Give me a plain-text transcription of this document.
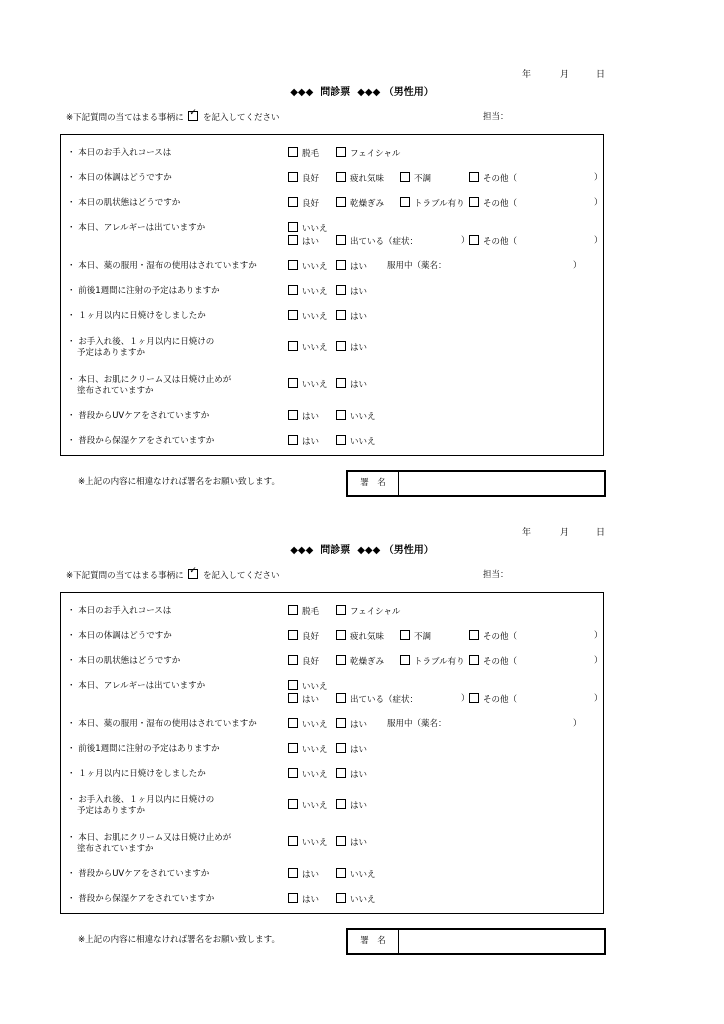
年	月	日
◆◆◆ 問診票 ◆◆◆ （男性用）
※下記質問の当てはまる事柄に ✓ を記入してください	担当：
・ 本日のお手入れコースは	脱毛	フェイシャル
・ 本日の体調はどうですか	良好	疲れ気味	不調	その他（	）
・ 本日の肌状態はどうですか	良好	乾燥ぎみ	トラブル有り	その他（	）
・ 本日、アレルギーは出ていますか	いいえ
はい	出ている（症状：	）	その他（	）
・ 本日、薬の服用・湿布の使用はされていますか	いいえ	はい 服用中（薬名：	）
・ 前後1週間に注射の予定はありますか	いいえ	はい
・ １ヶ月以内に日焼けをしましたか	いいえ	はい
・ お手入れ後、１ヶ月以内に日焼けの
予定はありますか	いいえ	はい
・ 本日、お肌にクリーム又は日焼け止めが
塗布されていますか
いいえ	はい
・ 普段からUVケアをされていますか	はい	いいえ
・ 普段から保湿ケアをされていますか	はい	いいえ
※上記の内容に相違なければ署名をお願い致します。	署　名
年	月	日
◆◆◆ 問診票 ◆◆◆ （男性用）
※下記質問の当てはまる事柄に ✓ を記入してください	担当：
・ 本日のお手入れコースは	脱毛	フェイシャル
・ 本日の体調はどうですか	良好	疲れ気味	不調	その他（	）
・ 本日の肌状態はどうですか	良好	乾燥ぎみ	トラブル有り	その他（	）
・ 本日、アレルギーは出ていますか	いいえ
はい	出ている（症状：	）	その他（	）
・ 本日、薬の服用・湿布の使用はされていますか	いいえ	はい 服用中（薬名：	）
・ 前後1週間に注射の予定はありますか	いいえ	はい
・ １ヶ月以内に日焼けをしましたか	いいえ	はい
・ お手入れ後、１ヶ月以内に日焼けの
予定はありますか	いいえ	はい
・ 本日、お肌にクリーム又は日焼け止めが
塗布されていますか
いいえ	はい
・ 普段からUVケアをされていますか	はい	いいえ
・ 普段から保湿ケアをされていますか	はい	いいえ
※上記の内容に相違なければ署名をお願い致します。	署　名
